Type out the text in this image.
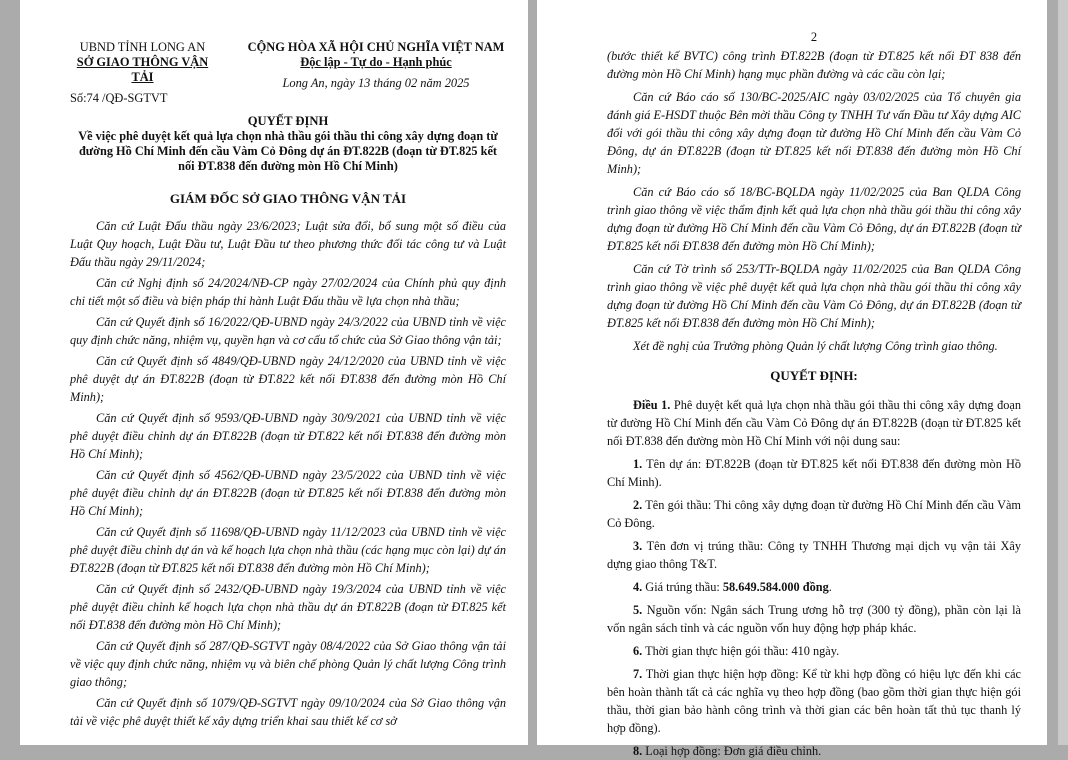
UBND TỈNH LONG AN
SỞ GIAO THÔNG VẬN TẢI
Số:74 /QĐ-SGTVT
CỘNG HÒA XÃ HỘI CHỦ NGHĨA VIỆT NAM
Độc lập - Tự do - Hạnh phúc
Long An, ngày 13 tháng 02 năm 2025
QUYẾT ĐỊNH
Về việc phê duyệt kết quả lựa chọn nhà thầu gói thầu thi công xây dựng đoạn từ đường Hồ Chí Minh đến cầu Vàm Cỏ Đông dự án ĐT.822B (đoạn từ ĐT.825 kết nối ĐT.838 đến đường mòn Hồ Chí Minh)
GIÁM ĐỐC SỞ GIAO THÔNG VẬN TẢI

Căn cứ Luật Đấu thầu ngày 23/6/2023; Luật sửa đổi, bổ sung một số điều của Luật Quy hoạch, Luật Đầu tư, Luật Đầu tư theo phương thức đối tác công tư và Luật Đấu thầu ngày 29/11/2024;

Căn cứ Nghị định số 24/2024/NĐ-CP ngày 27/02/2024 của Chính phủ quy định chi tiết một số điều và biện pháp thi hành Luật Đấu thầu về lựa chọn nhà thầu;

Căn cứ Quyết định số 16/2022/QĐ-UBND ngày 24/3/2022 của UBND tỉnh về việc quy định chức năng, nhiệm vụ, quyền hạn và cơ cấu tổ chức của Sở Giao thông vận tải;

Căn cứ Quyết định số 4849/QĐ-UBND ngày 24/12/2020 của UBND tỉnh về việc phê duyệt dự án ĐT.822B (đoạn từ ĐT.822 kết nối ĐT.838 đến đường mòn Hồ Chí Minh);

Căn cứ Quyết định số 9593/QĐ-UBND ngày 30/9/2021 của UBND tỉnh về việc phê duyệt điều chỉnh dự án ĐT.822B (đoạn từ ĐT.822 kết nối ĐT.838 đến đường mòn Hồ Chí Minh);

Căn cứ Quyết định số 4562/QĐ-UBND ngày 23/5/2022 của UBND tỉnh về việc phê duyệt điều chỉnh dự án ĐT.822B (đoạn từ ĐT.825 kết nối ĐT.838 đến đường mòn Hồ Chí Minh);

Căn cứ Quyết định số 11698/QĐ-UBND ngày 11/12/2023 của UBND tỉnh về việc phê duyệt điều chỉnh dự án và kế hoạch lựa chọn nhà thầu (các hạng mục còn lại) dự án ĐT.822B (đoạn từ ĐT.825 kết nối ĐT.838 đến đường mòn Hồ Chí Minh);

Căn cứ Quyết định số 2432/QĐ-UBND ngày 19/3/2024 của UBND tỉnh về việc phê duyệt điều chỉnh kế hoạch lựa chọn nhà thầu dự án ĐT.822B (đoạn từ ĐT.825 kết nối ĐT.838 đến đường mòn Hồ Chí Minh);

Căn cứ Quyết định số 287/QĐ-SGTVT ngày 08/4/2022 của Sở Giao thông vận tải về việc quy định chức năng, nhiệm vụ và biên chế phòng Quản lý chất lượng Công trình giao thông;

Căn cứ Quyết định số 1079/QĐ-SGTVT ngày 09/10/2024 của Sở Giao thông vận tải về việc phê duyệt thiết kế xây dựng triển khai sau thiết kế cơ sở

2

(bước thiết kế BVTC) công trình ĐT.822B (đoạn từ ĐT.825 kết nối ĐT 838 đến đường mòn Hồ Chí Minh) hạng mục phần đường và các cầu còn lại;

Căn cứ Báo cáo số 130/BC-2025/AIC ngày 03/02/2025 của Tổ chuyên gia đánh giá E-HSDT thuộc Bên mời thầu Công ty TNHH Tư vấn Đầu tư Xây dựng AIC đối với gói thầu thi công xây dựng đoạn từ đường Hồ Chí Minh đến cầu Vàm Cỏ Đông, dự án ĐT.822B (đoạn từ ĐT.825 kết nối ĐT.838 đến đường mòn Hồ Chí Minh);

Căn cứ Báo cáo số 18/BC-BQLDA ngày 11/02/2025 của Ban QLDA Công trình giao thông về việc thẩm định kết quả lựa chọn nhà thầu gói thầu thi công xây dựng đoạn từ đường Hồ Chí Minh đến cầu Vàm Cỏ Đông, dự án ĐT.822B (đoạn từ ĐT.825 kết nối ĐT.838 đến đường mòn Hồ Chí Minh);

Căn cứ Tờ trình số 253/TTr-BQLDA ngày 11/02/2025 của Ban QLDA Công trình giao thông về việc phê duyệt kết quả lựa chọn nhà thầu gói thầu thi công xây dựng đoạn từ đường Hồ Chí Minh đến cầu Vàm Cỏ Đông, dự án ĐT.822B (đoạn từ ĐT.825 kết nối ĐT.838 đến đường mòn Hồ Chí Minh);

Xét đề nghị của Trưởng phòng Quản lý chất lượng Công trình giao thông.

QUYẾT ĐỊNH:

Điều 1. Phê duyệt kết quả lựa chọn nhà thầu gói thầu thi công xây dựng đoạn từ đường Hồ Chí Minh đến cầu Vàm Cỏ Đông dự án ĐT.822B (đoạn từ ĐT.825 kết nối ĐT.838 đến đường mòn Hồ Chí Minh với nội dung sau:

1. Tên dự án: ĐT.822B (đoạn từ ĐT.825 kết nối ĐT.838 đến đường mòn Hồ Chí Minh).

2. Tên gói thầu: Thi công xây dựng đoạn từ đường Hồ Chí Minh đến cầu Vàm Cỏ Đông.

3. Tên đơn vị trúng thầu: Công ty TNHH Thương mại dịch vụ vận tải Xây dựng giao thông T&T.

4. Giá trúng thầu: 58.649.584.000 đồng.

5. Nguồn vốn: Ngân sách Trung ương hỗ trợ (300 tỷ đồng), phần còn lại là vốn ngân sách tỉnh và các nguồn vốn huy động hợp pháp khác.

6. Thời gian thực hiện gói thầu: 410 ngày.

7. Thời gian thực hiện hợp đồng: Kể từ khi hợp đồng có hiệu lực đến khi các bên hoàn thành tất cả các nghĩa vụ theo hợp đồng (bao gồm thời gian thực hiện gói thầu, thời gian bảo hành công trình và thời gian các bên hoàn tất thủ tục thanh lý hợp đồng).

8. Loại hợp đồng: Đơn giá điều chỉnh.
